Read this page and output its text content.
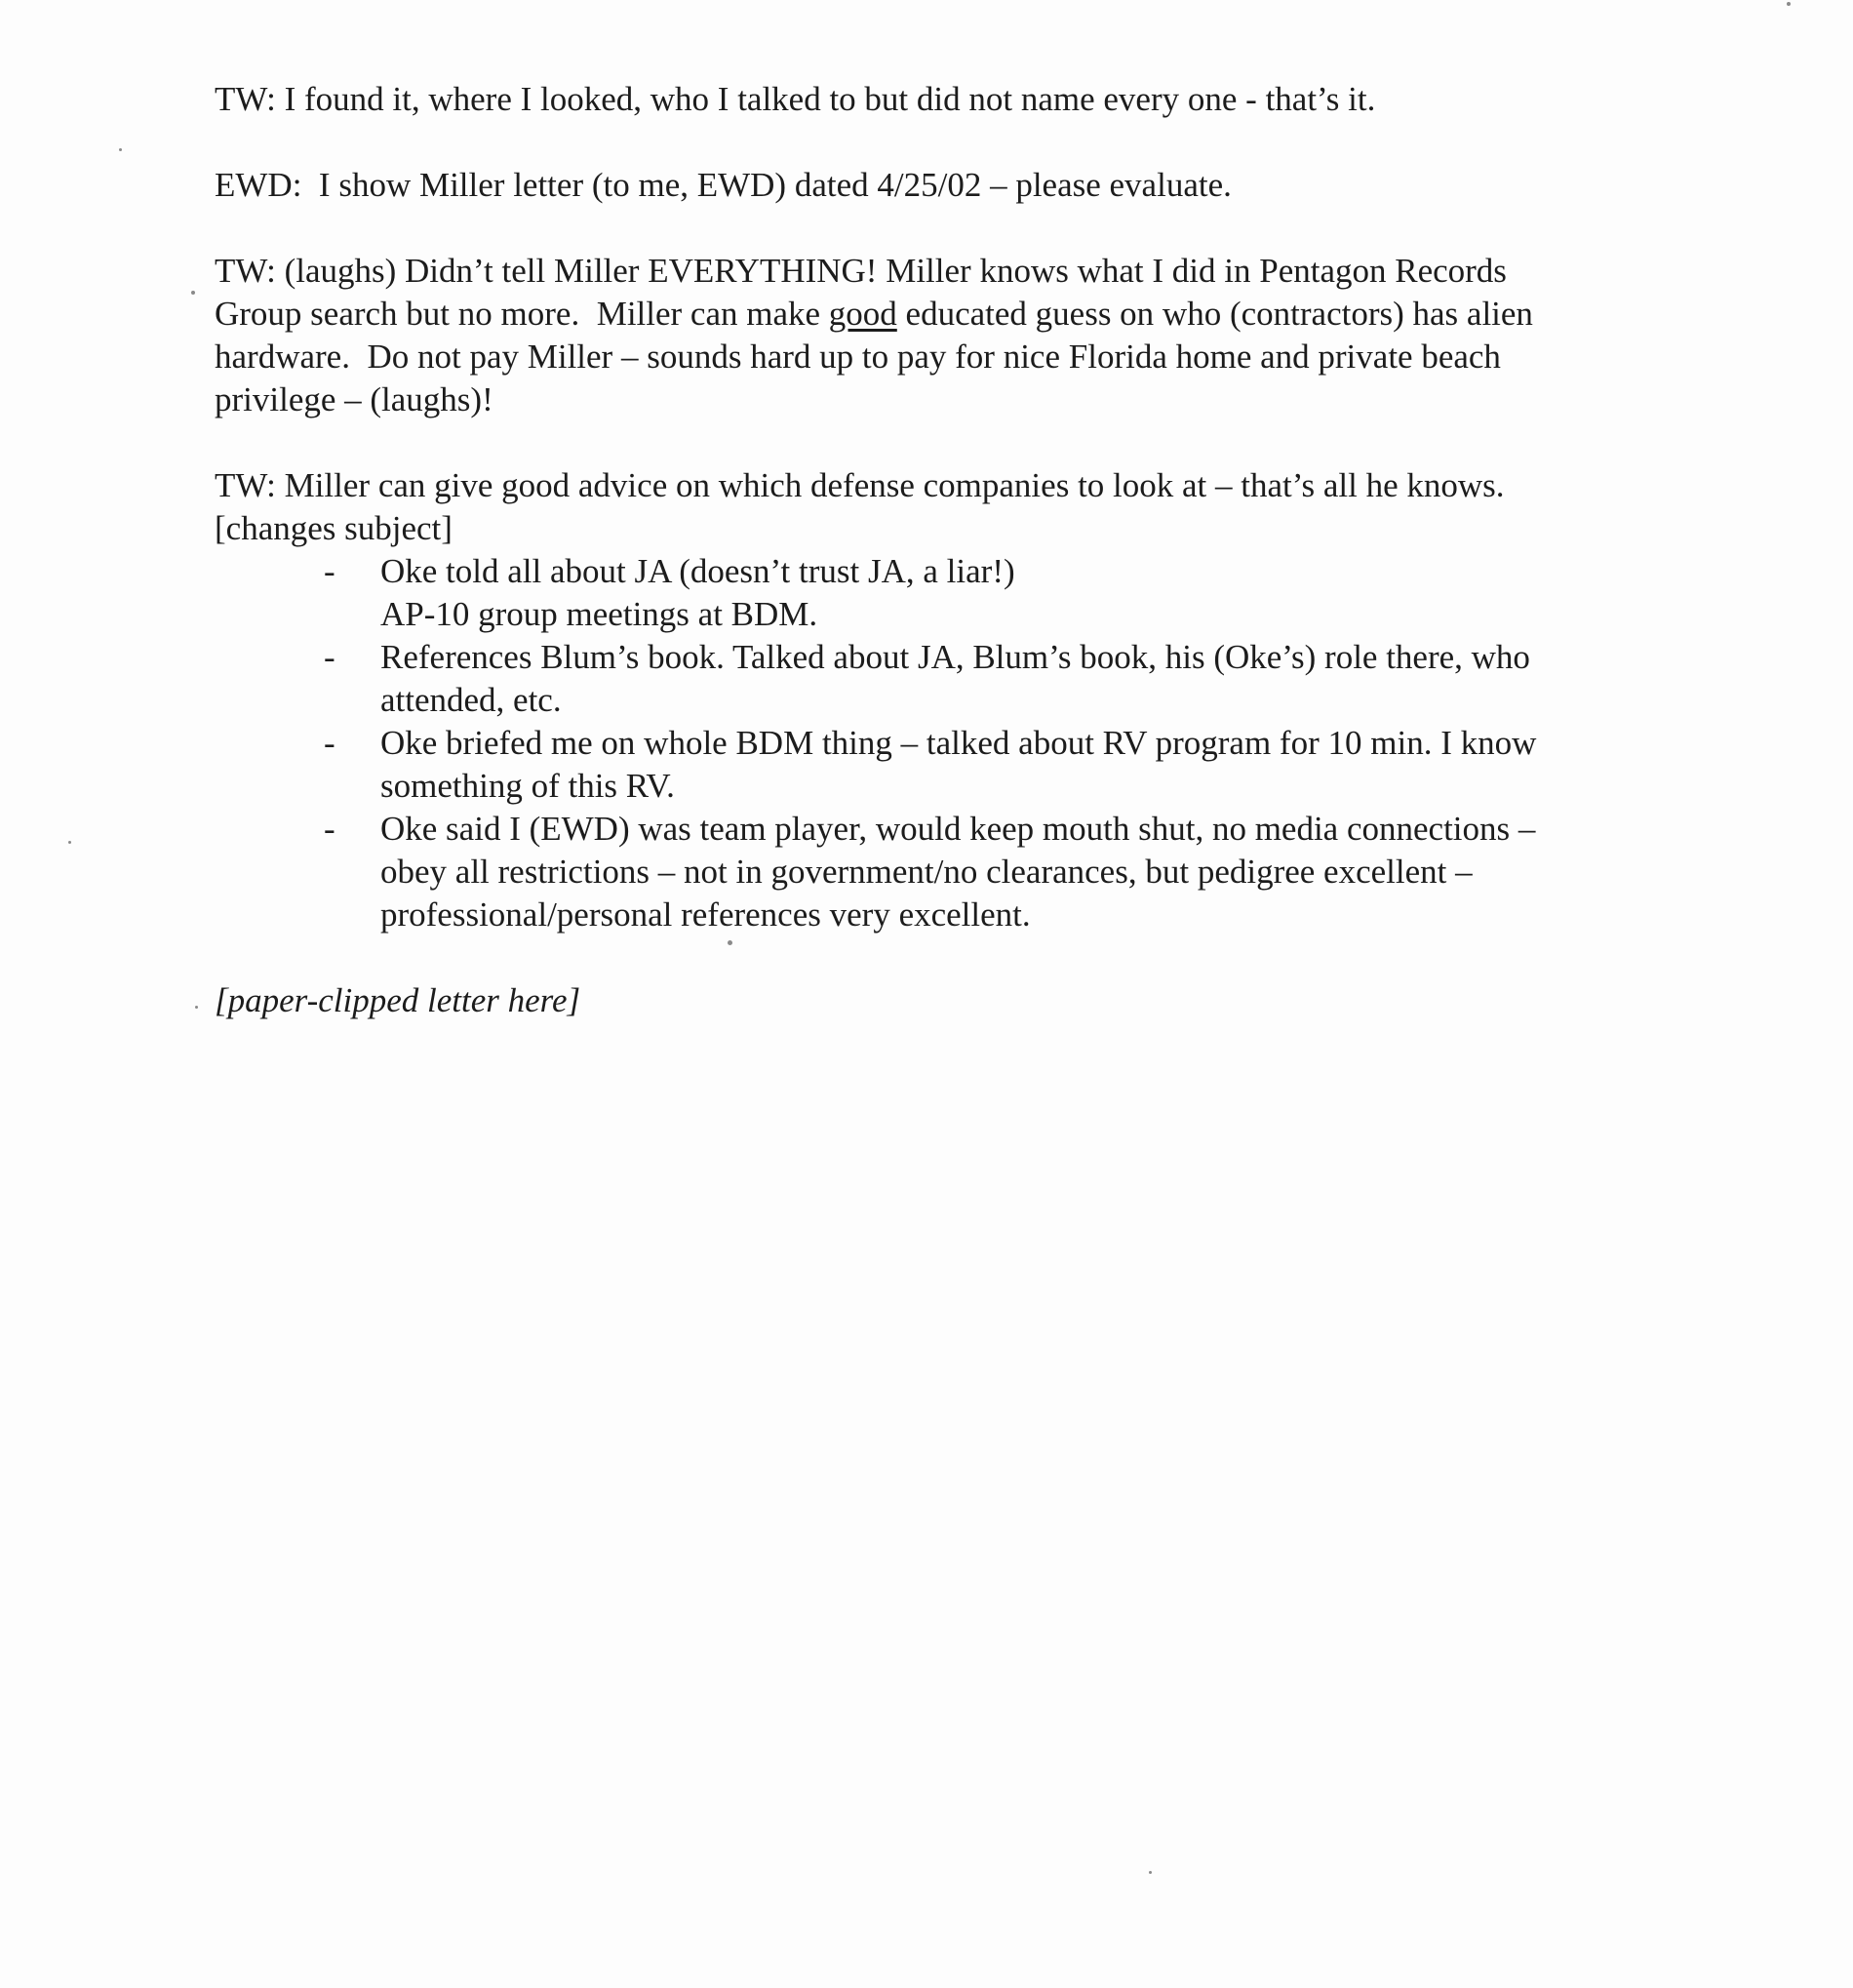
TW: I found it, where I looked, who I talked to but did not name every one - that’s it.

EWD:  I show Miller letter (to me, EWD) dated 4/25/02 – please evaluate.

TW: (laughs) Didn’t tell Miller EVERYTHING! Miller knows what I did in Pentagon Records Group search but no more.  Miller can make good educated guess on who (contractors) has alien hardware.  Do not pay Miller – sounds hard up to pay for nice Florida home and private beach privilege – (laughs)!

TW: Miller can give good advice on which defense companies to look at – that’s all he knows.  [changes subject]

- Oke told all about JA (doesn’t trust JA, a liar!)
AP-10 group meetings at BDM.
- References Blum’s book. Talked about JA, Blum’s book, his (Oke’s) role there, who attended, etc.
- Oke briefed me on whole BDM thing – talked about RV program for 10 min. I know something of this RV.
- Oke said I (EWD) was team player, would keep mouth shut, no media connections – obey all restrictions – not in government/no clearances, but pedigree excellent – professional/personal references very excellent.

[paper-clipped letter here]
